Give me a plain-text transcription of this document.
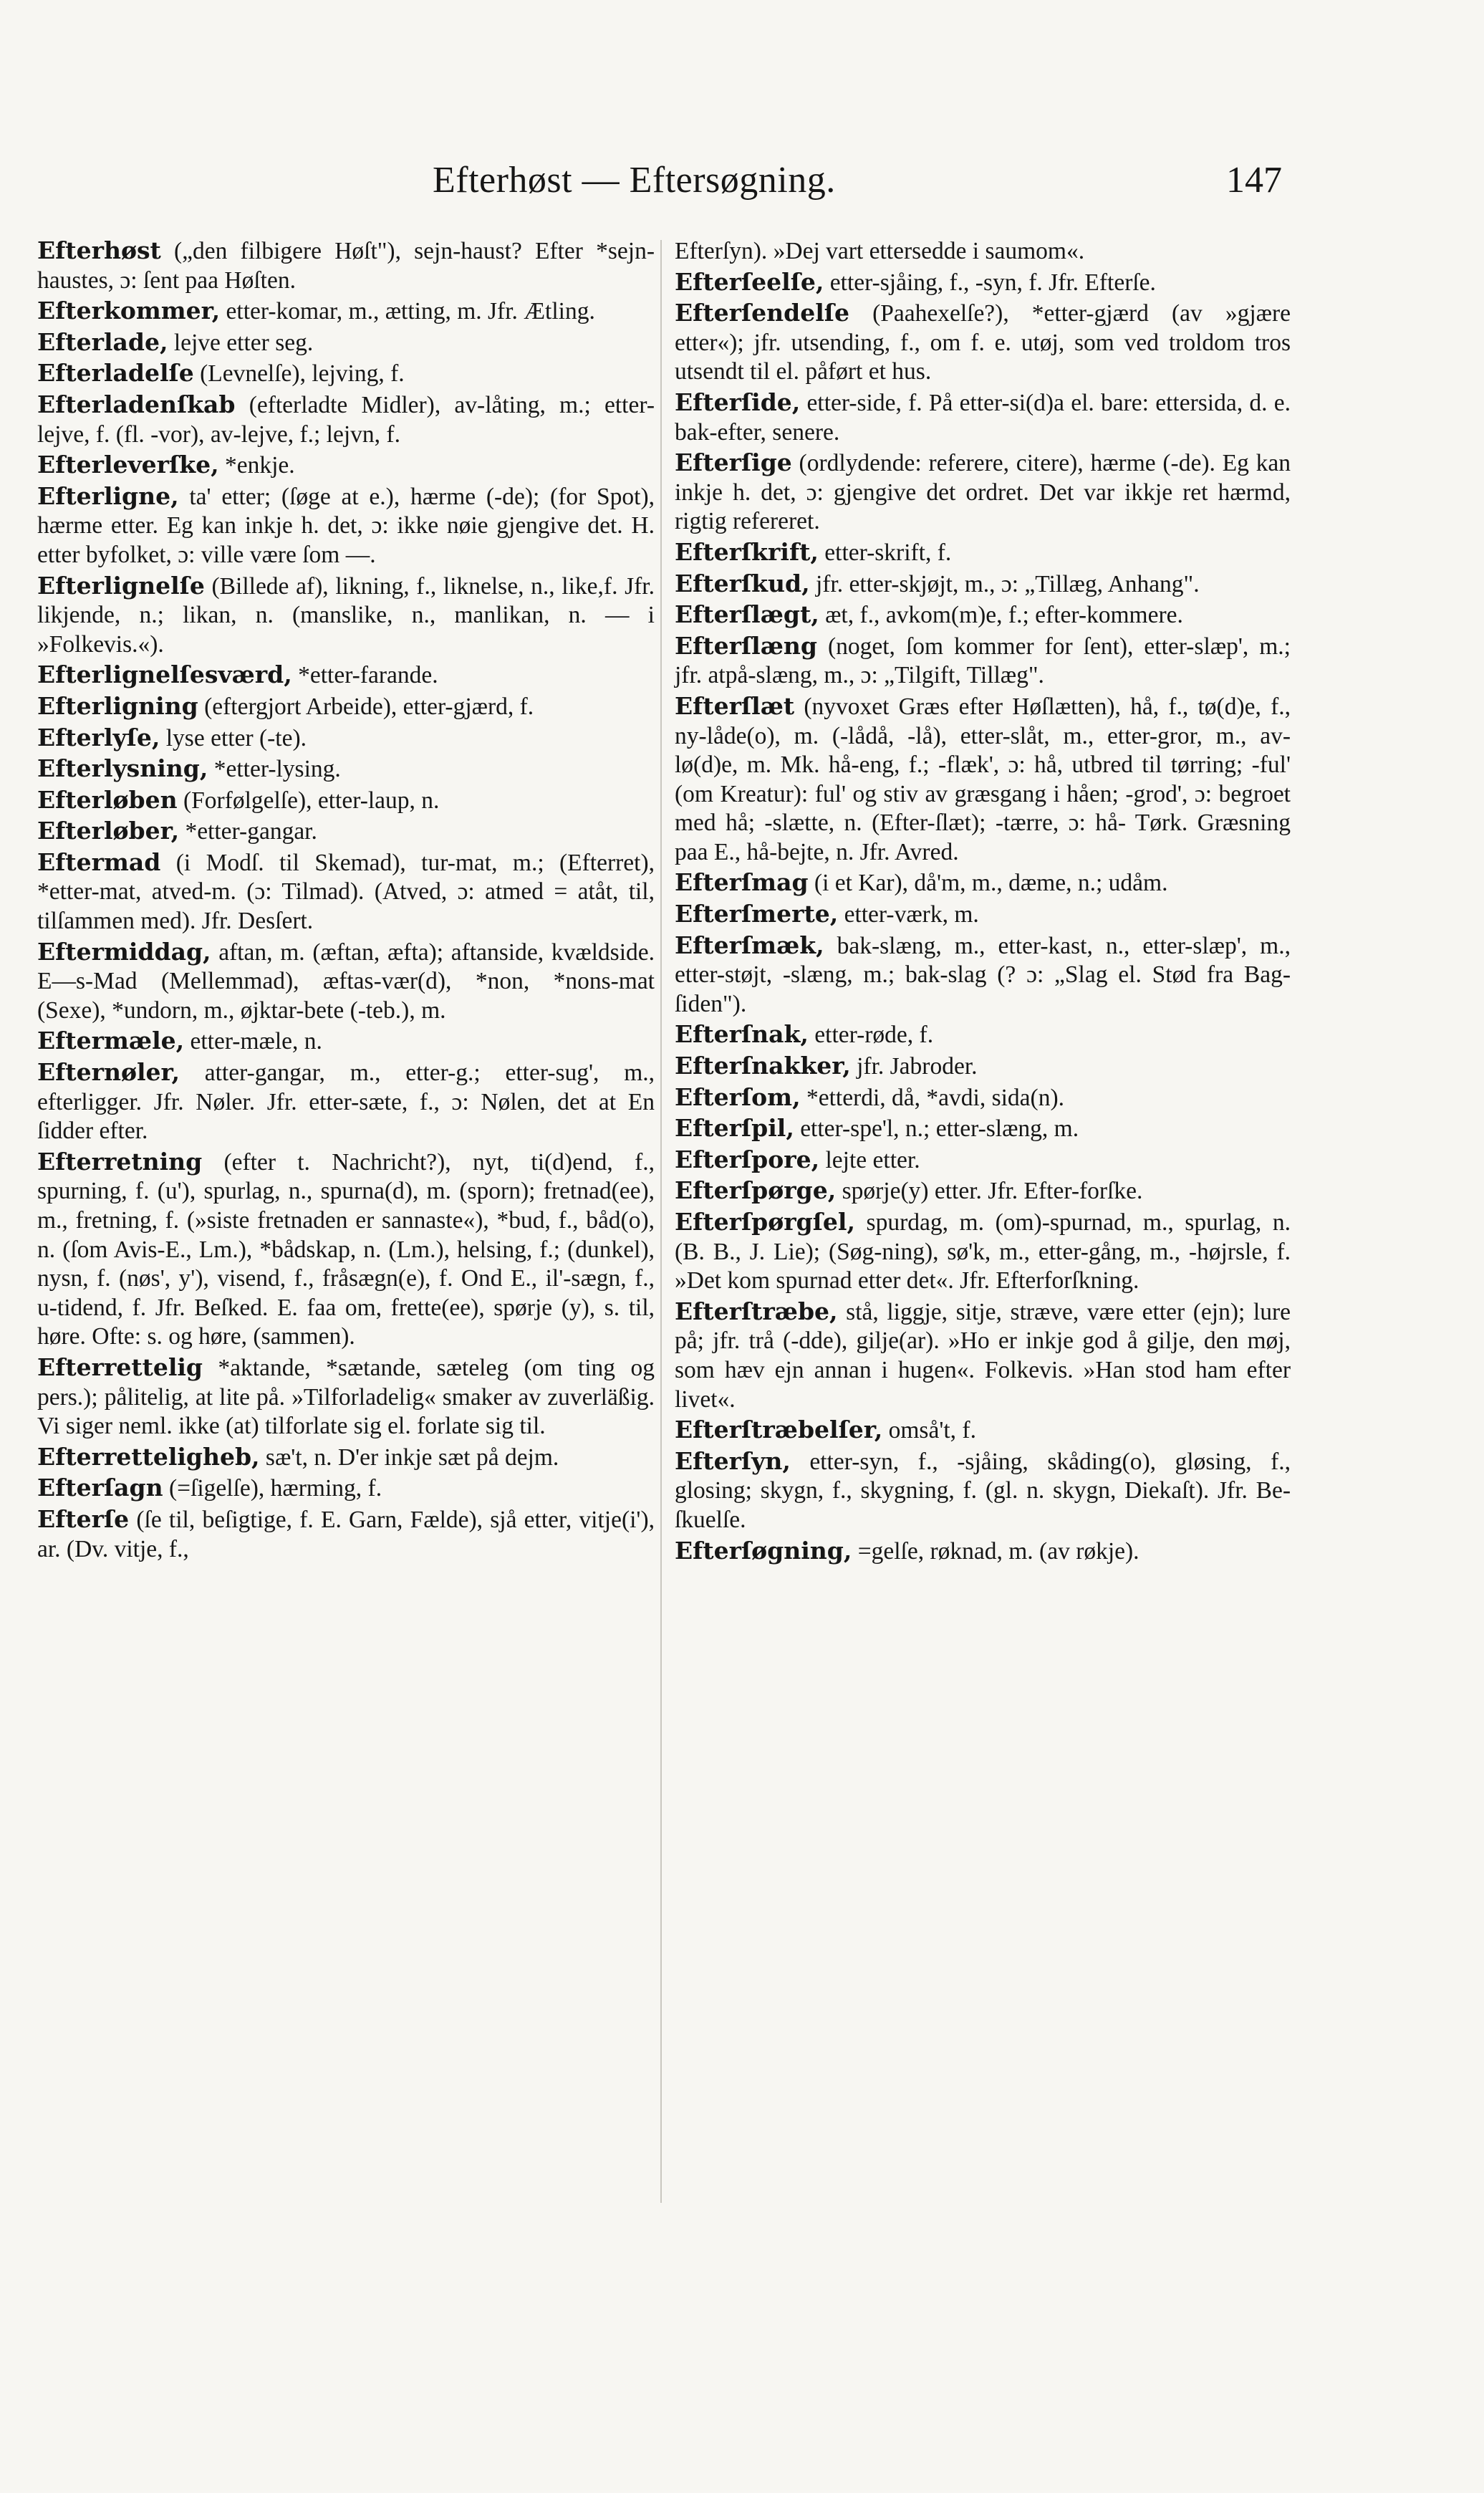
Efterhøst — Eftersøgning.	147
Efterhøst („den filbigere Høſt"), sejn-haust? Efter *sejn-haustes, ɔ: ſent paa Høſten.
Efterkommer, etter-komar, m., ætting, m. Jfr. Ætling.
Efterlade, lejve etter seg.
Efterladelſe (Levnelſe), lejving, f.
Efterladenſkab (efterladte Midler), av-låting, m.; etter-lejve, f. (fl. -vor), av-lejve, f.; lejvn, f.
Efterleverſke, *enkje.
Efterligne, ta' etter; (ſøge at e.), hærme (-de); (for Spot), hærme etter. Eg kan inkje h. det, ɔ: ikke nøie gjengive det. H. etter byfolket, ɔ: ville være ſom —.
Efterlignelſe (Billede af), likning, f., liknelse, n., like,f. Jfr. likjende, n.; likan, n. (manslike, n., manlikan, n. — i »Folkevis.«).
Efterlignelſesværd, *etter-farande.
Efterligning (eftergjort Arbeide), etter-gjærd, f.
Efterlyſe, lyse etter (-te).
Efterlysning, *etter-lysing.
Efterløben (Forfølgelſe), etter-laup, n.
Efterløber, *etter-gangar.
Eftermad (i Modſ. til Skemad), tur-mat, m.; (Efterret), *etter-mat, atved-m. (ɔ: Tilmad). (Atved, ɔ: atmed = atåt, til, tilſammen med). Jfr. Desſert.
Eftermiddag, aftan, m. (æftan, æfta); aftanside, kvældside. E—s-Mad (Mellemmad), æftas-vær(d), *non, *nons-mat (Sexe), *undorn, m., øjktar-bete (-teb.), m.
Eftermæle, etter-mæle, n.
Efternøler, atter-gangar, m., etter-g.; etter-sug', m., efterligger. Jfr. Nøler. Jfr. etter-sæte, f., ɔ: Nølen, det at En ſidder efter.
Efterretning (efter t. Nachricht?), nyt, ti(d)end, f., spurning, f. (u'), spurlag, n., spurna(d), m. (sporn); fretnad(ee), m., fretning, f. (»siste fretnaden er sannaste«), *bud, f., båd(o), n. (ſom Avis-E., Lm.), *bådskap, n. (Lm.), helsing, f.; (dunkel), nysn, f. (nøs', y'), visend, f., fråsægn(e), f. Ond E., il'-sægn, f., u-tidend, f. Jfr. Beſked. E. faa om, frette(ee), spørje (y), s. til, høre. Ofte: s. og høre, (sammen).
Efterrettelig *aktande, *sætande, sæteleg (om ting og pers.); pålitelig, at lite på. »Tilforladelig« smaker av zuverläßig. Vi siger neml. ikke (at) tilforlate sig el. forlate sig til.
Efterretteligheb, sæ't, n. D'er inkje sæt på dejm.
Efterſagn (=ſigelſe), hærming, f.
Efterſe (ſe til, beſigtige, f. E. Garn, Fælde), sjå etter, vitje(i'), ar. (Dv. vitje, f.,
Efterſyn). »Dej vart ettersedde i saumom«.
Efterſeelſe, etter-sjåing, f., -syn, f. Jfr. Efterſe.
Efterſendelſe (Paahexelſe?), *etter-gjærd (av »gjære etter«); jfr. utsending, f., om f. e. utøj, som ved troldom tros utsendt til el. påført et hus.
Efterſide, etter-side, f. På etter-si(d)a el. bare: ettersida, d. e. bak-efter, senere.
Efterſige (ordlydende: referere, citere), hærme (-de). Eg kan inkje h. det, ɔ: gjengive det ordret. Det var ikkje ret hærmd, rigtig refereret.
Efterſkrift, etter-skrift, f.
Efterſkud, jfr. etter-skjøjt, m., ɔ: „Tillæg, Anhang".
Efterſlægt, æt, f., avkom(m)e, f.; efter-kommere.
Efterſlæng (noget, ſom kommer for ſent), etter-slæp', m.; jfr. atpå-slæng, m., ɔ: „Tilgift, Tillæg".
Efterſlæt (nyvoxet Græs efter Høſlætten), hå, f., tø(d)e, f., ny-låde(o), m. (-lådå, -lå), etter-slåt, m., etter-gror, m., av-lø(d)e, m. Mk. hå-eng, f.; -flæk', ɔ: hå, utbred til tørring; -ful' (om Kreatur): ful' og stiv av græsgang i håen; -grod', ɔ: begroet med hå; -slætte, n. (Efter-ſlæt); -tærre, ɔ: hå- Tørk. Græsning paa E., hå-bejte, n. Jfr. Avred.
Efterſmag (i et Kar), då'm, m., dæme, n.; udåm.
Efterſmerte, etter-værk, m.
Efterſmæk, bak-slæng, m., etter-kast, n., etter-slæp', m., etter-støjt, -slæng, m.; bak-slag (? ɔ: „Slag el. Stød fra Bag-ſiden").
Efterſnak, etter-røde, f.
Efterſnakker, jfr. Jabroder.
Efterſom, *etterdi, då, *avdi, sida(n).
Efterſpil, etter-spe'l, n.; etter-slæng, m.
Efterſpore, lejte etter.
Efterſpørge, spørje(y) etter. Jfr. Efter-forſke.
Efterſpørgſel, spurdag, m. (om)-spurnad, m., spurlag, n. (B. B., J. Lie); (Søg-ning), sø'k, m., etter-gång, m., -højrsle, f. »Det kom spurnad etter det«. Jfr. Efterforſkning.
Efterſtræbe, stå, liggje, sitje, stræve, være etter (ejn); lure på; jfr. trå (-dde), gilje(ar). »Ho er inkje god å gilje, den møj, som hæv ejn annan i hugen«. Folkevis. »Han stod ham efter livet«.
Efterſtræbelſer, omså't, f.
Efterſyn, etter-syn, f., -sjåing, skåding(o), gløsing, f., glosing; skygn, f., skygning, f. (gl. n. skygn, Diekaſt). Jfr. Be-ſkuelſe.
Efterſøgning, =gelſe, røknad, m. (av røkje).
